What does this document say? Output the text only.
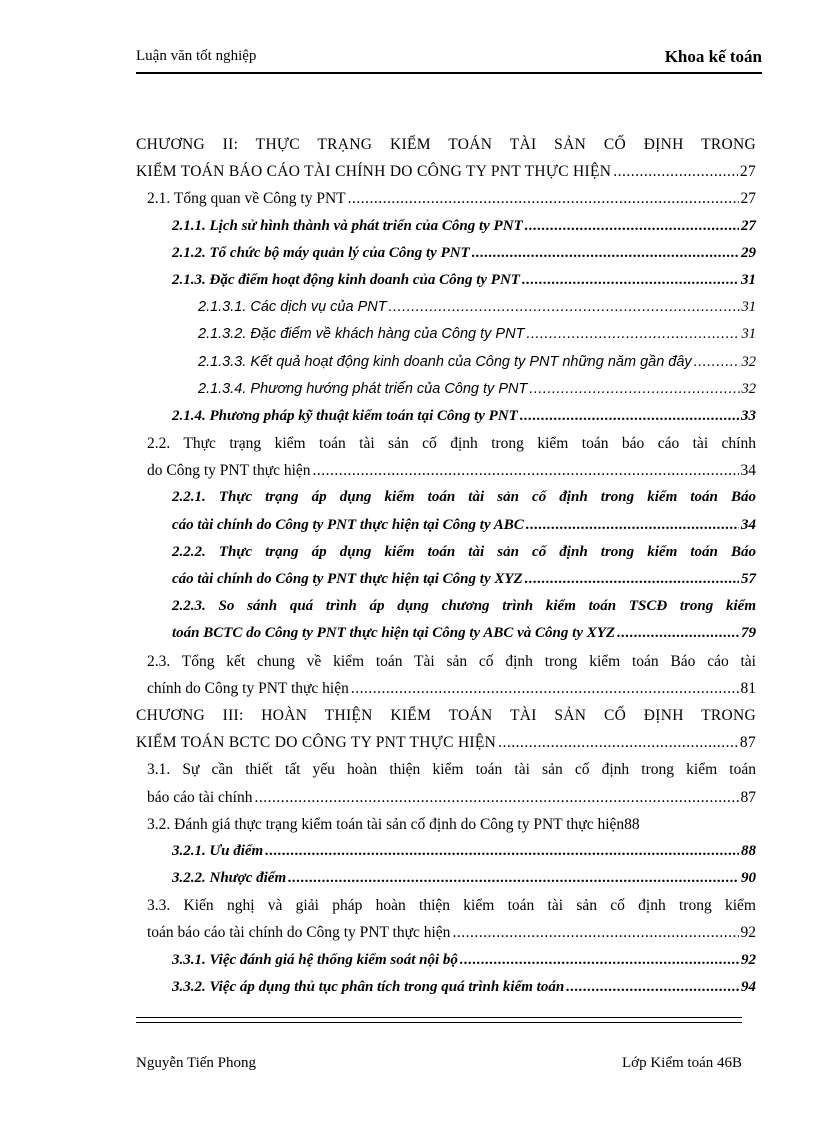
Luận văn tốt nghiệp	Khoa kế toán
CHƯƠNG II: THỰC TRẠNG KIỂM TOÁN TÀI SẢN CỐ ĐỊNH TRONG
KIỂM TOÁN BÁO CÁO TÀI CHÍNH DO CÔNG TY PNT THỰC HIỆN .....	27
2.1. Tổng quan về Công ty PNT .....	27
2.1.1. Lịch sử hình thành và phát triển của Công ty PNT .....	27
2.1.2. Tổ chức bộ máy quản lý của Công ty PNT .....	29
2.1.3. Đặc điểm hoạt động kinh doanh của Công ty PNT .....	31
2.1.3.1. Các dịch vụ của PNT .....	31
2.1.3.2. Đặc điểm về khách hàng của Công ty PNT .....	31
2.1.3.3. Kết quả hoạt động kinh doanh của Công ty PNT những năm gần đây .....	32
2.1.3.4. Phương hướng phát triển của Công ty PNT .....	32
2.1.4. Phương pháp kỹ thuật kiểm toán tại Công ty PNT .....	33
2.2. Thực trạng kiểm toán tài sản cố định trong kiểm toán báo cáo tài chính
do Công ty PNT thực hiện .....	34
2.2.1. Thực trạng áp dụng kiểm toán tài sản cố định trong kiểm toán Báo
cáo tài chính do Công ty PNT thực hiện tại Công ty ABC .....	34
2.2.2. Thực trạng áp dụng kiểm toán tài sản cố định trong kiểm toán Báo
cáo tài chính do Công ty PNT thực hiện tại Công ty XYZ .....	57
2.2.3. So sánh quá trình áp dụng chương trình kiểm toán TSCĐ trong kiểm
toán BCTC do Công ty PNT thực hiện tại Công ty ABC và Công ty XYZ .....	79
2.3. Tổng kết chung về kiểm toán Tài sản cố định trong kiểm toán Báo cáo tài
chính do Công ty PNT thực hiện .....	81
CHƯƠNG III: HOÀN THIỆN KIỂM TOÁN TÀI SẢN CỐ ĐỊNH TRONG
KIỂM TOÁN BCTC DO CÔNG TY PNT THỰC HIỆN .....	87
3.1. Sự cần thiết tất yếu hoàn thiện kiểm toán tài sản cố định trong kiểm toán
báo cáo tài chính .....	87
3.2. Đánh giá thực trạng kiểm toán tài sản cố định do Công ty PNT thực hiện 88
3.2.1. Ưu điểm .....	88
3.2.2. Nhược điểm .....	90
3.3. Kiến nghị và giải pháp hoàn thiện kiểm toán tài sản cố định trong kiểm
toán báo cáo tài chính do Công ty PNT thực hiện .....	92
3.3.1. Việc đánh giá hệ thống kiểm soát nội bộ .....	92
3.3.2. Việc áp dụng thủ tục phân tích trong quá trình kiểm toán .....	94
Nguyễn Tiến Phong	Lớp Kiểm toán 46B
